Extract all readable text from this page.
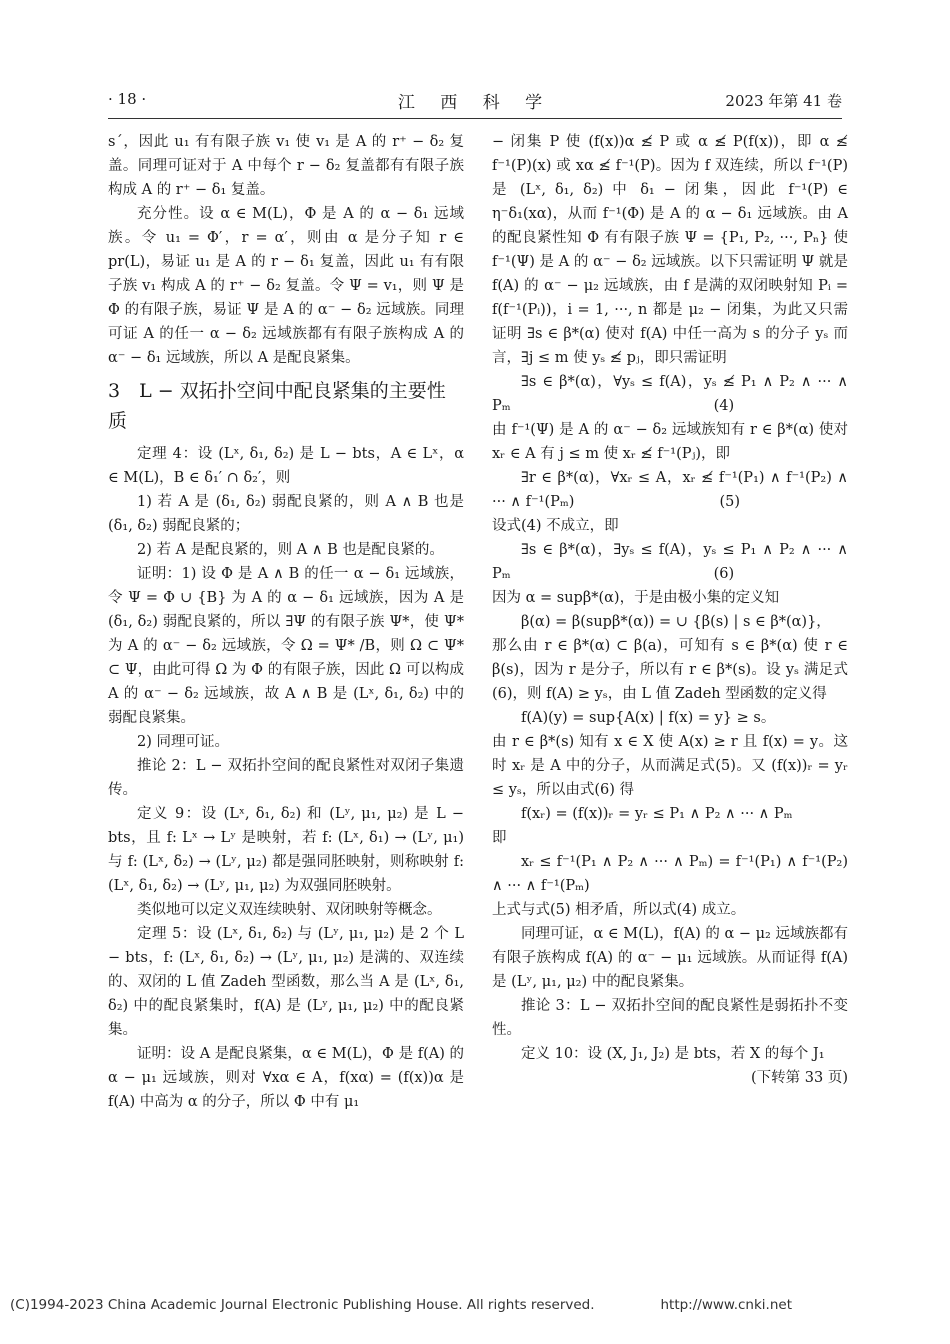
· 18 ·	江 西 科 学	2023 年第 41 卷

s´，因此 u₁ 有有限子族 v₁ 使 v₁ 是 A 的 r⁺ − δ₂ 复盖。同理可证对于 A 中每个 r − δ₂ 复盖都有有限子族构成 A 的 r⁺ − δ₁ 复盖。

充分性。设 α ∈ M(L)，Φ 是 A 的 α − δ₁ 远域族。令 u₁ = Φ′，r = α′，则由 α 是分子知 r ∈ pr(L)，易证 u₁ 是 A 的 r − δ₁ 复盖，因此 u₁ 有有限子族 v₁ 构成 A 的 r⁺ − δ₂ 复盖。令 Ψ = v₁，则 Ψ 是 Φ 的有限子族，易证 Ψ 是 A 的 α⁻ − δ₂ 远域族。同理可证 A 的任一 α − δ₂ 远域族都有有限子族构成 A 的 α⁻ − δ₁ 远域族，所以 A 是配良紧集。

3　L − 双拓扑空间中配良紧集的主要性质

定理 4：设 (Lˣ, δ₁, δ₂) 是 L − bts，A ∈ Lˣ，α ∈ M(L)，B ∈ δ₁′ ∩ δ₂′，则

1) 若 A 是 (δ₁, δ₂) 弱配良紧的，则 A ∧ B 也是 (δ₁, δ₂) 弱配良紧的；

2) 若 A 是配良紧的，则 A ∧ B 也是配良紧的。

证明：1) 设 Φ 是 A ∧ B 的任一 α − δ₁ 远域族，令 Ψ = Φ ∪ {B} 为 A 的 α − δ₁ 远域族，因为 A 是 (δ₁, δ₂) 弱配良紧的，所以 ∃Ψ 的有限子族 Ψ*，使 Ψ* 为 A 的 α⁻ − δ₂ 远域族，令 Ω = Ψ* /B，则 Ω ⊂ Ψ* ⊂ Ψ，由此可得 Ω 为 Φ 的有限子族，因此 Ω 可以构成 A 的 α⁻ − δ₂ 远域族，故 A ∧ B 是 (Lˣ, δ₁, δ₂) 中的弱配良紧集。

2) 同理可证。

推论 2：L − 双拓扑空间的配良紧性对双闭子集遗传。

定义 9：设 (Lˣ, δ₁, δ₂) 和 (Lʸ, μ₁, μ₂) 是 L − bts，且 f: Lˣ → Lʸ 是映射，若 f: (Lˣ, δ₁) → (Lʸ, μ₁) 与 f: (Lˣ, δ₂) → (Lʸ, μ₂) 都是强同胚映射，则称映射 f: (Lˣ, δ₁, δ₂) → (Lʸ, μ₁, μ₂) 为双强同胚映射。

类似地可以定义双连续映射、双闭映射等概念。

定理 5：设 (Lˣ, δ₁, δ₂) 与 (Lʸ, μ₁, μ₂) 是 2 个 L − bts，f: (Lˣ, δ₁, δ₂) → (Lʸ, μ₁, μ₂) 是满的、双连续的、双闭的 L 值 Zadeh 型函数，那么当 A 是 (Lˣ, δ₁, δ₂) 中的配良紧集时，f(A) 是 (Lʸ, μ₁, μ₂) 中的配良紧集。

证明：设 A 是配良紧集，α ∈ M(L)，Φ 是 f(A) 的 α − μ₁ 远域族，则对 ∀xα ∈ A，f(xα) = (f(x))α 是 f(A) 中高为 α 的分子，所以 Φ 中有 μ₁

− 闭集 P 使 (f(x))α ≰ P 或 α ≰ P(f(x))，即 α ≰ f⁻¹(P)(x) 或 xα ≰ f⁻¹(P)。因为 f 双连续，所以 f⁻¹(P) 是 (Lˣ, δ₁, δ₂) 中 δ₁ − 闭集，因此 f⁻¹(P) ∈ η⁻δ₁(xα)，从而 f⁻¹(Φ) 是 A 的 α − δ₁ 远域族。由 A 的配良紧性知 Φ 有有限子族 Ψ = {P₁, P₂, ···, Pₙ} 使 f⁻¹(Ψ) 是 A 的 α⁻ − δ₂ 远域族。以下只需证明 Ψ 就是 f(A) 的 α⁻ − μ₂ 远域族，由 f 是满的双闭映射知 Pᵢ = f(f⁻¹(Pᵢ))，i = 1, ···, n 都是 μ₂ − 闭集，为此又只需证明 ∃s ∈ β*(α) 使对 f(A) 中任一高为 s 的分子 yₛ 而言，∃j ≤ m 使 yₛ ≰ pⱼ，即只需证明

∃s ∈ β*(α)，∀yₛ ≤ f(A)，yₛ ≰ P₁ ∧ P₂ ∧ ··· ∧ Pₘ　　　　　　　　　　　　　　(4)

由 f⁻¹(Ψ) 是 A 的 α⁻ − δ₂ 远域族知有 r ∈ β*(α) 使对 xᵣ ∈ A 有 j ≤ m 使 xᵣ ≰ f⁻¹(Pⱼ)，即

∃r ∈ β*(α)，∀xᵣ ≤ A，xᵣ ≰ f⁻¹(P₁) ∧ f⁻¹(P₂) ∧ ··· ∧ f⁻¹(Pₘ)　　　　　　　　　　(5)

设式(4) 不成立，即

∃s ∈ β*(α)，∃yₛ ≤ f(A)，yₛ ≤ P₁ ∧ P₂ ∧ ··· ∧ Pₘ　　　　　　　　　　　　　　(6)

因为 α = supβ*(α)，于是由极小集的定义知

β(α) = β(supβ*(α)) = ∪ {β(s) | s ∈ β*(α)}，

那么由 r ∈ β*(α) ⊂ β(a)，可知有 s ∈ β*(α) 使 r ∈ β(s)，因为 r 是分子，所以有 r ∈ β*(s)。设 yₛ 满足式(6)，则 f(A) ≥ yₛ，由 L 值 Zadeh 型函数的定义得

f(A)(y) = sup{A(x) | f(x) = y} ≥ s。

由 r ∈ β*(s) 知有 x ∈ X 使 A(x) ≥ r 且 f(x) = y。这时 xᵣ 是 A 中的分子，从而满足式(5)。又 (f(x))ᵣ = yᵣ ≤ yₛ，所以由式(6) 得

f(xᵣ) = (f(x))ᵣ = yᵣ ≤ P₁ ∧ P₂ ∧ ··· ∧ Pₘ

即

xᵣ ≤ f⁻¹(P₁ ∧ P₂ ∧ ··· ∧ Pₘ) = f⁻¹(P₁) ∧ f⁻¹(P₂) ∧ ··· ∧ f⁻¹(Pₘ)

上式与式(5) 相矛盾，所以式(4) 成立。

同理可证，α ∈ M(L)，f(A) 的 α − μ₂ 远域族都有有限子族构成 f(A) 的 α⁻ − μ₁ 远域族。从而证得 f(A) 是 (Lʸ, μ₁, μ₂) 中的配良紧集。

推论 3：L − 双拓扑空间的配良紧性是弱拓扑不变性。

定义 10：设 (X, J₁, J₂) 是 bts，若 X 的每个 J₁

(下转第 33 页)

(C)1994-2023 China Academic Journal Electronic Publishing House. All rights reserved.	http://www.cnki.net
